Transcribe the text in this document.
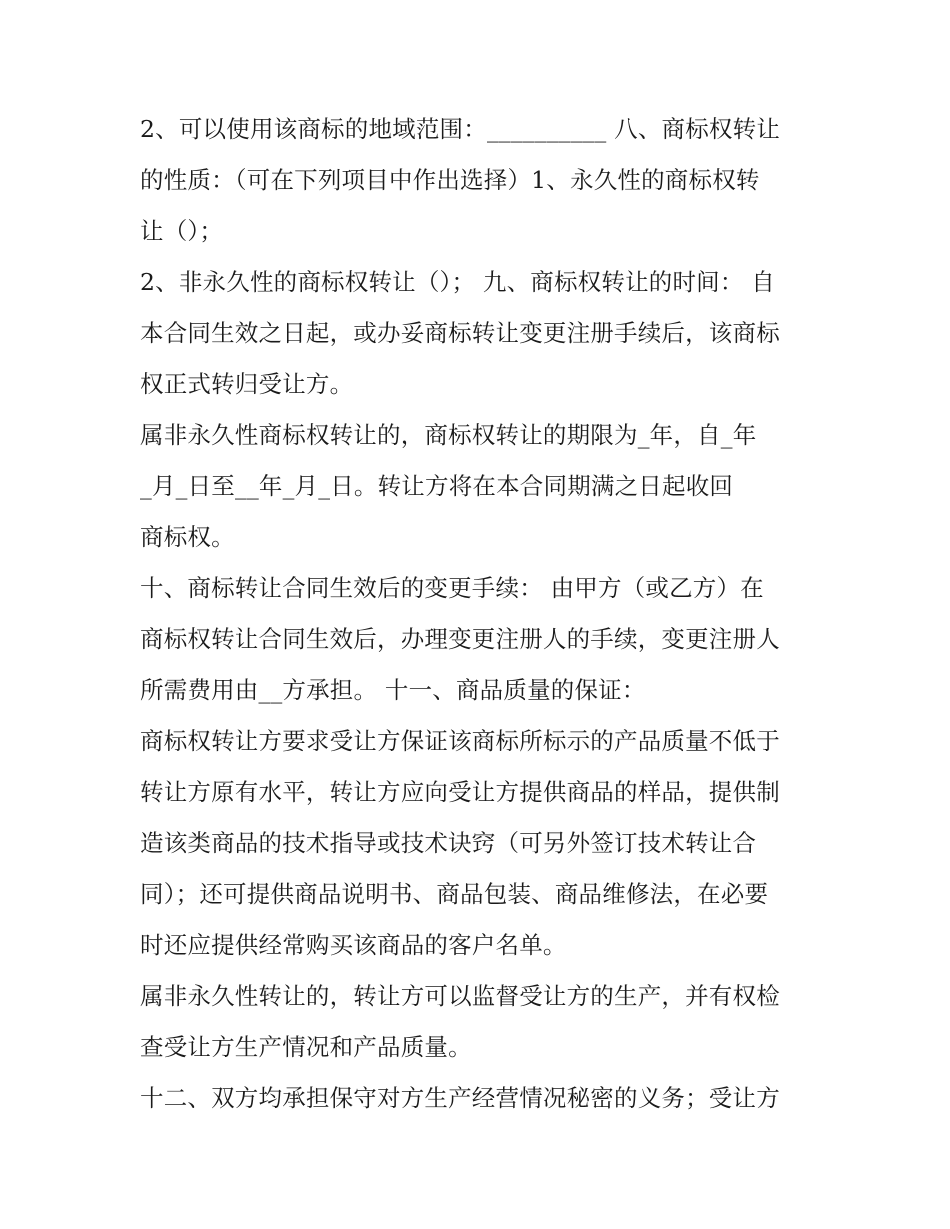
2、可以使用该商标的地域范围：__________ 八、商标权转让
的性质：（可在下列项目中作出选择）1、永久性的商标权转
让（）；
2、非永久性的商标权转让（）； 九、商标权转让的时间： 自
本合同生效之日起，或办妥商标转让变更注册手续后，该商标
权正式转归受让方。
属非永久性商标权转让的，商标权转让的期限为_年，自_年
_月_日至__年_月_日。转让方将在本合同期满之日起收回
商标权。
十、商标转让合同生效后的变更手续： 由甲方（或乙方）在
商标权转让合同生效后，办理变更注册人的手续，变更注册人
所需费用由__方承担。 十一、商品质量的保证：
商标权转让方要求受让方保证该商标所标示的产品质量不低于
转让方原有水平，转让方应向受让方提供商品的样品，提供制
造该类商品的技术指导或技术诀窍（可另外签订技术转让合
同）；还可提供商品说明书、商品包装、商品维修法，在必要
时还应提供经常购买该商品的客户名单。
属非永久性转让的，转让方可以监督受让方的生产，并有权检
查受让方生产情况和产品质量。
十二、双方均承担保守对方生产经营情况秘密的义务；受让方
